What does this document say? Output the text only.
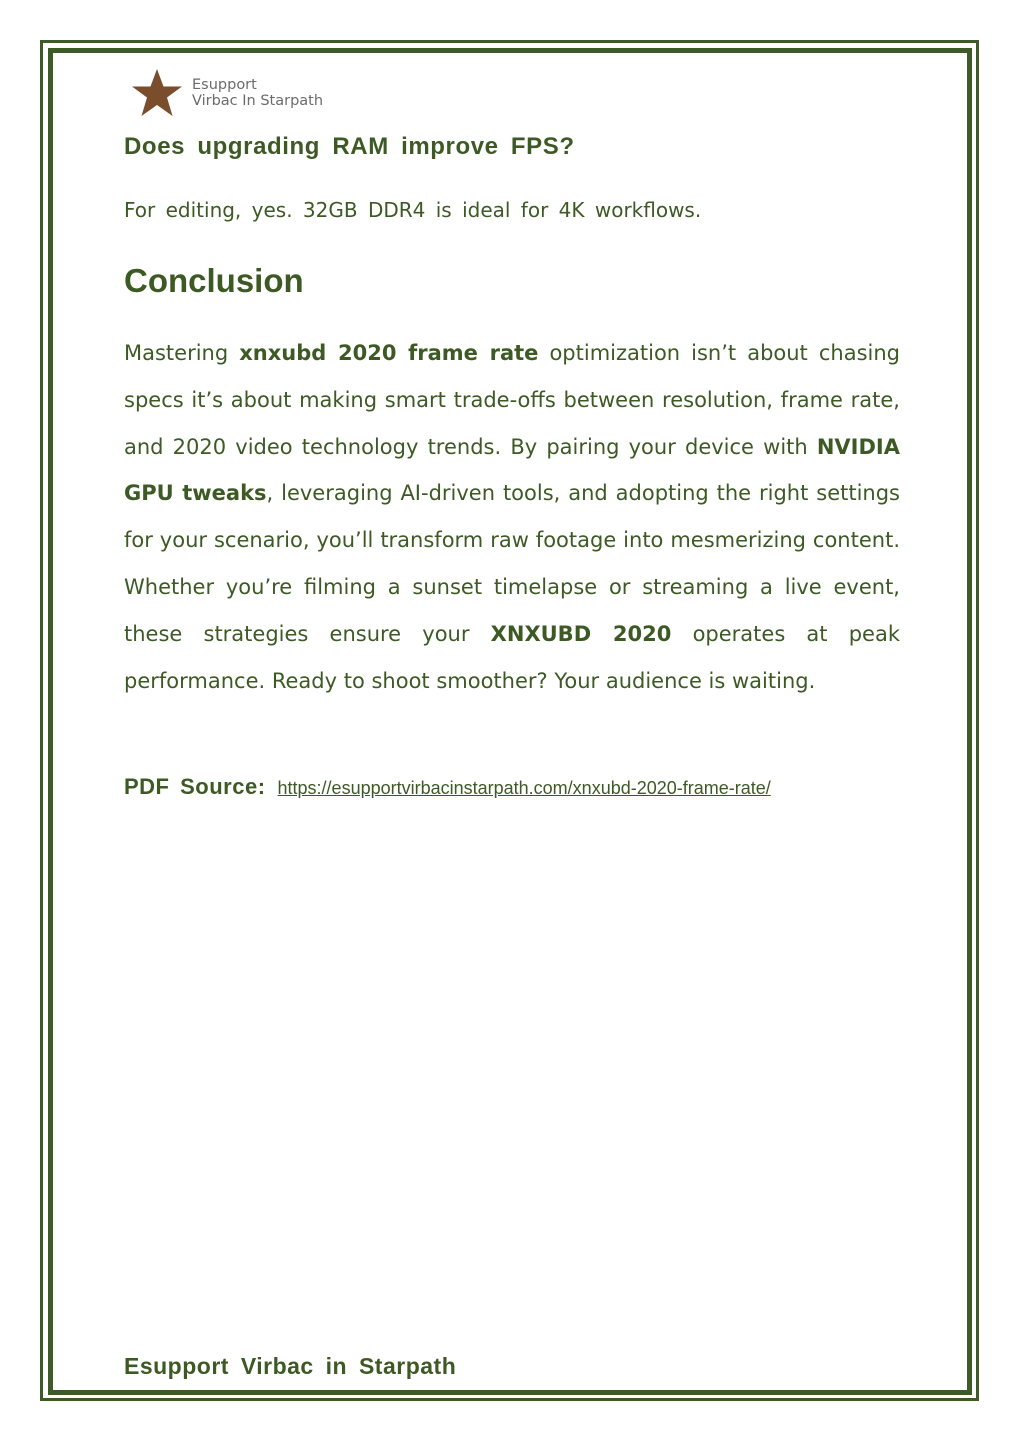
Esupport
Virbac In Starpath
Does upgrading RAM improve FPS?

For editing, yes. 32GB DDR4 is ideal for 4K workflows.

Conclusion

Mastering xnxubd 2020 frame rate optimization isn’t about chasing specs it’s about making smart trade-offs between resolution, frame rate, and 2020 video technology trends. By pairing your device with NVIDIA GPU tweaks, leveraging AI-driven tools, and adopting the right settings for your scenario, you’ll transform raw footage into mesmerizing content. Whether you’re filming a sunset timelapse or streaming a live event, these strategies ensure your XNXUBD 2020 operates at peak performance. Ready to shoot smoother? Your audience is waiting.

PDF Source: https://esupportvirbacinstarpath.com/xnxubd-2020-frame-rate/
Esupport Virbac in Starpath
